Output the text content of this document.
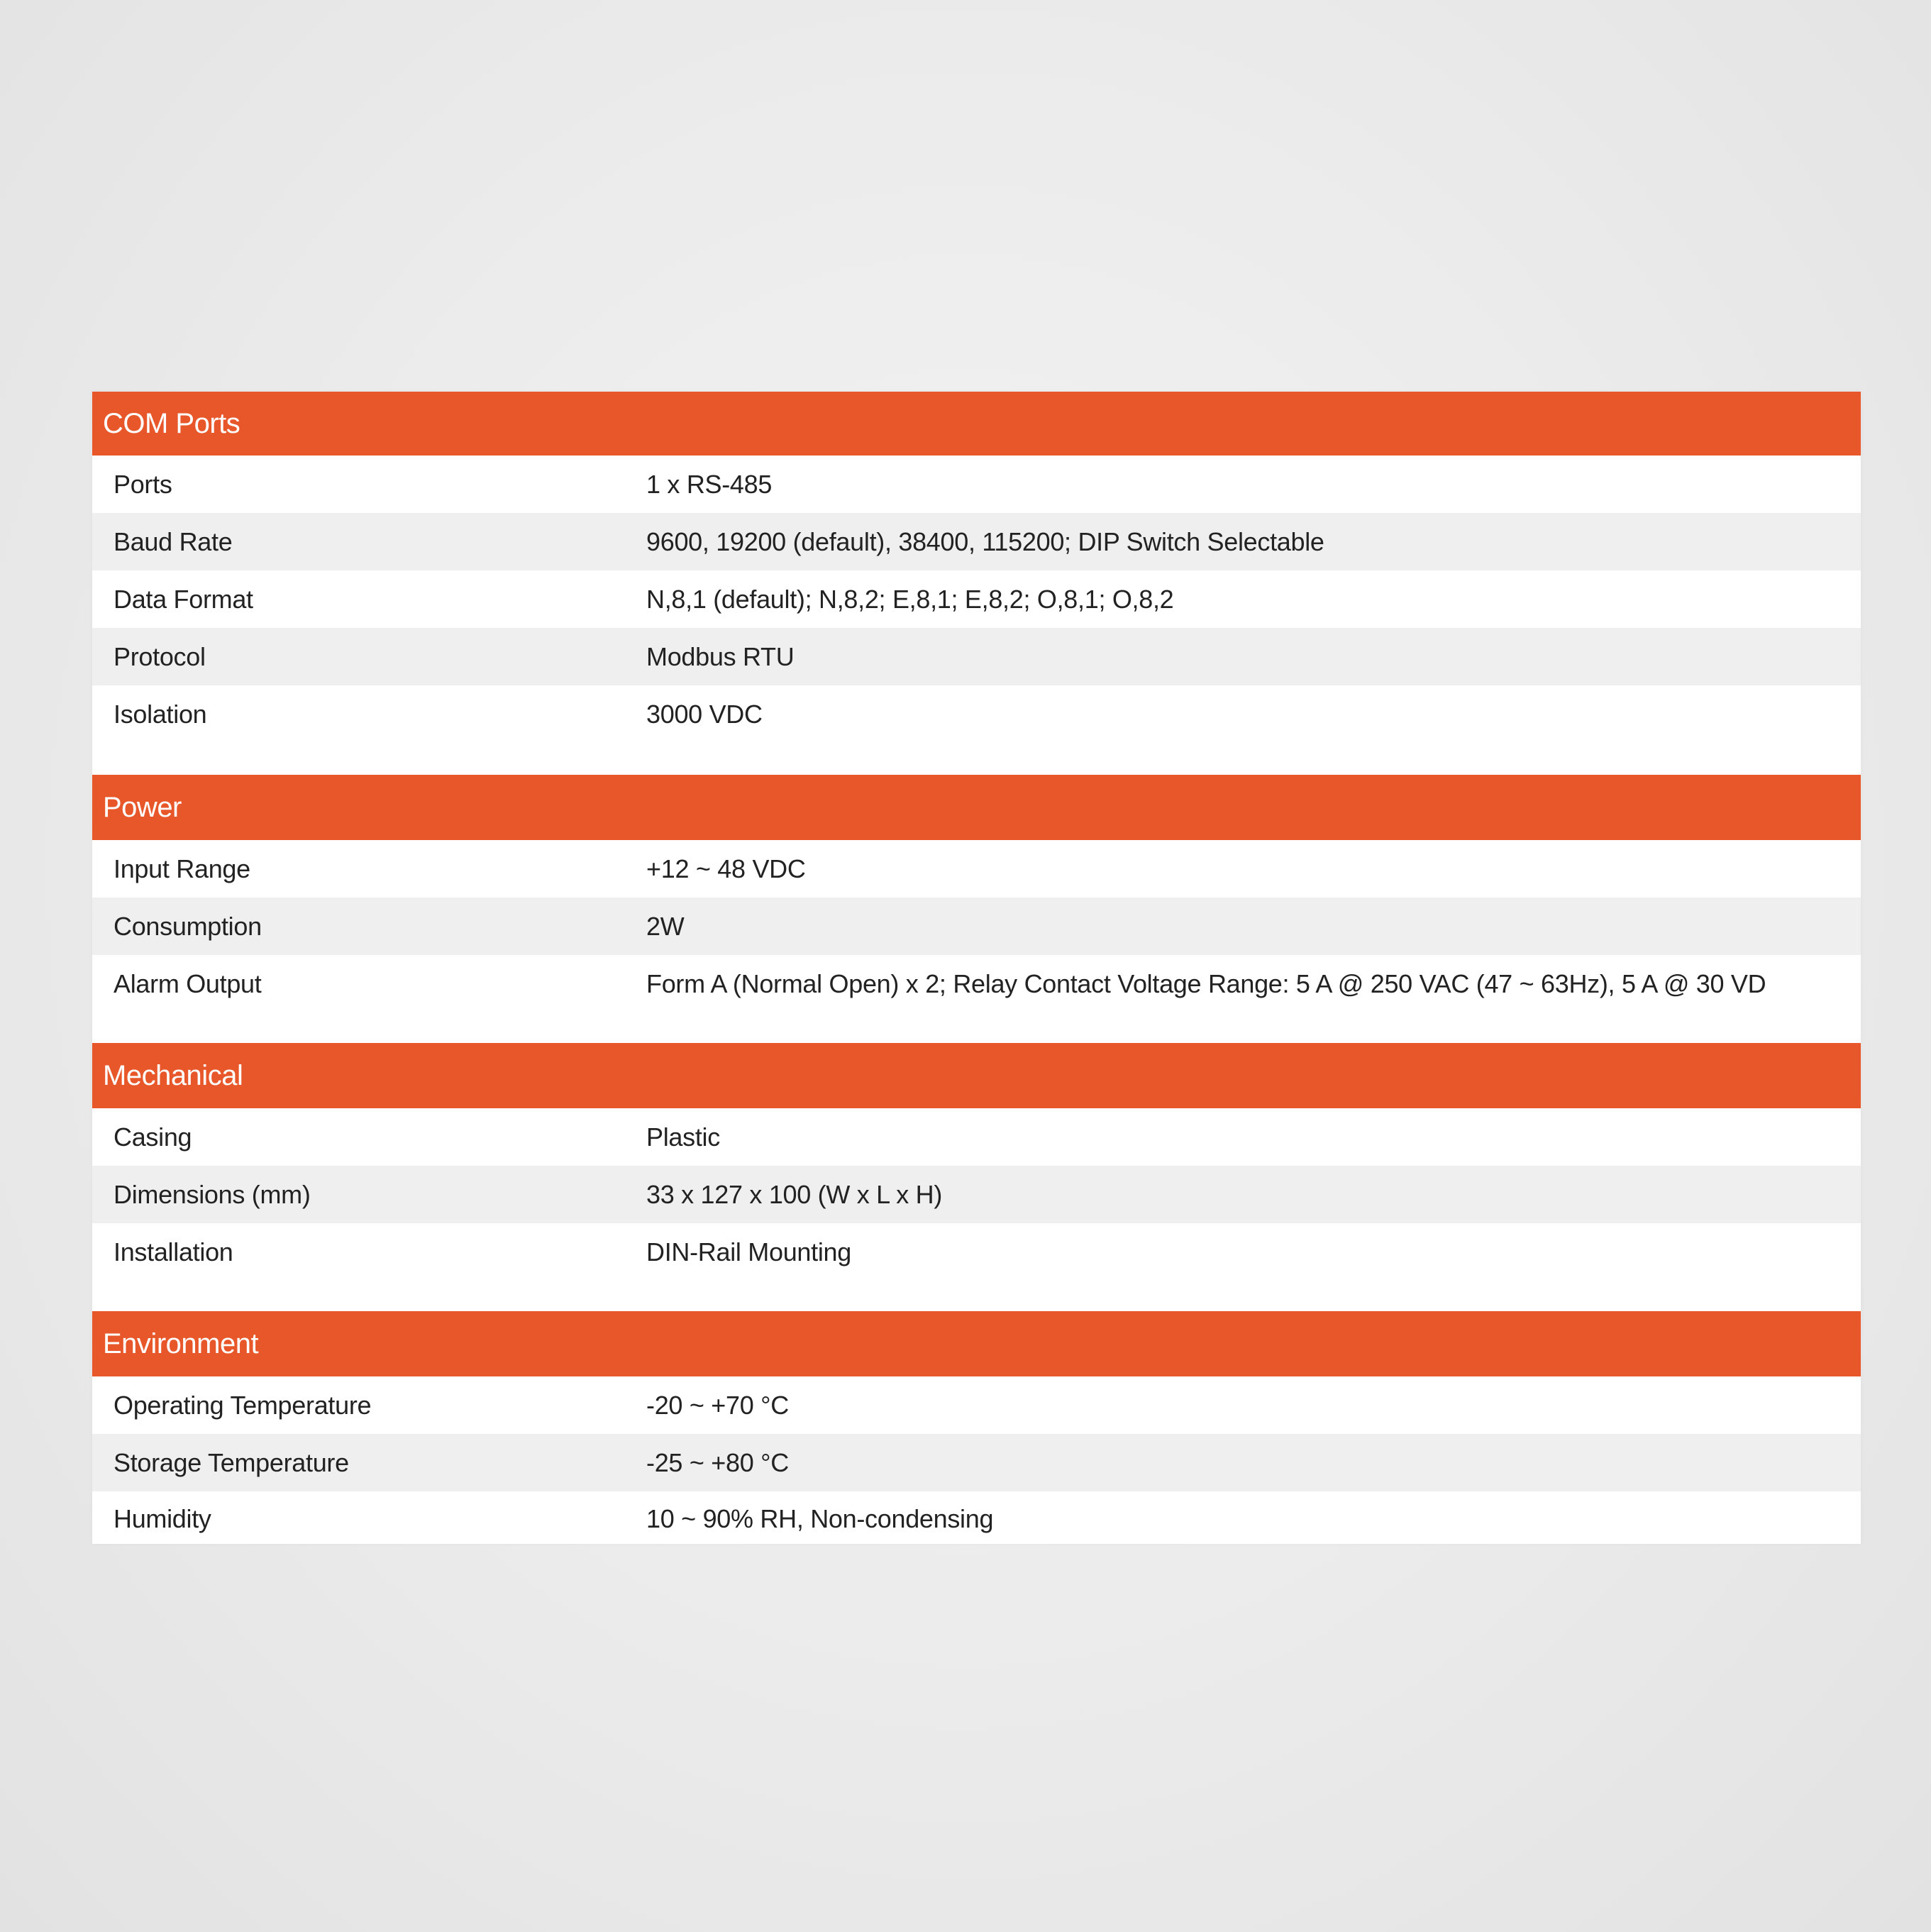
COM Ports
Ports	1 x RS-485
Baud Rate	9600, 19200 (default), 38400, 115200; DIP Switch Selectable
Data Format	N,8,1 (default); N,8,2; E,8,1; E,8,2; O,8,1; O,8,2
Protocol	Modbus RTU
Isolation	3000 VDC
Power
Input Range	+12 ~ 48 VDC
Consumption	2W
Alarm Output	Form A (Normal Open) x 2; Relay Contact Voltage Range: 5 A @ 250 VAC (47 ~ 63Hz), 5 A @ 30 VD
Mechanical
Casing	Plastic
Dimensions (mm)	33 x 127 x 100 (W x L x H)
Installation	DIN-Rail Mounting
Environment
Operating Temperature	-20 ~ +70 °C
Storage Temperature	-25 ~ +80 °C
Humidity	10 ~ 90% RH, Non-condensing
